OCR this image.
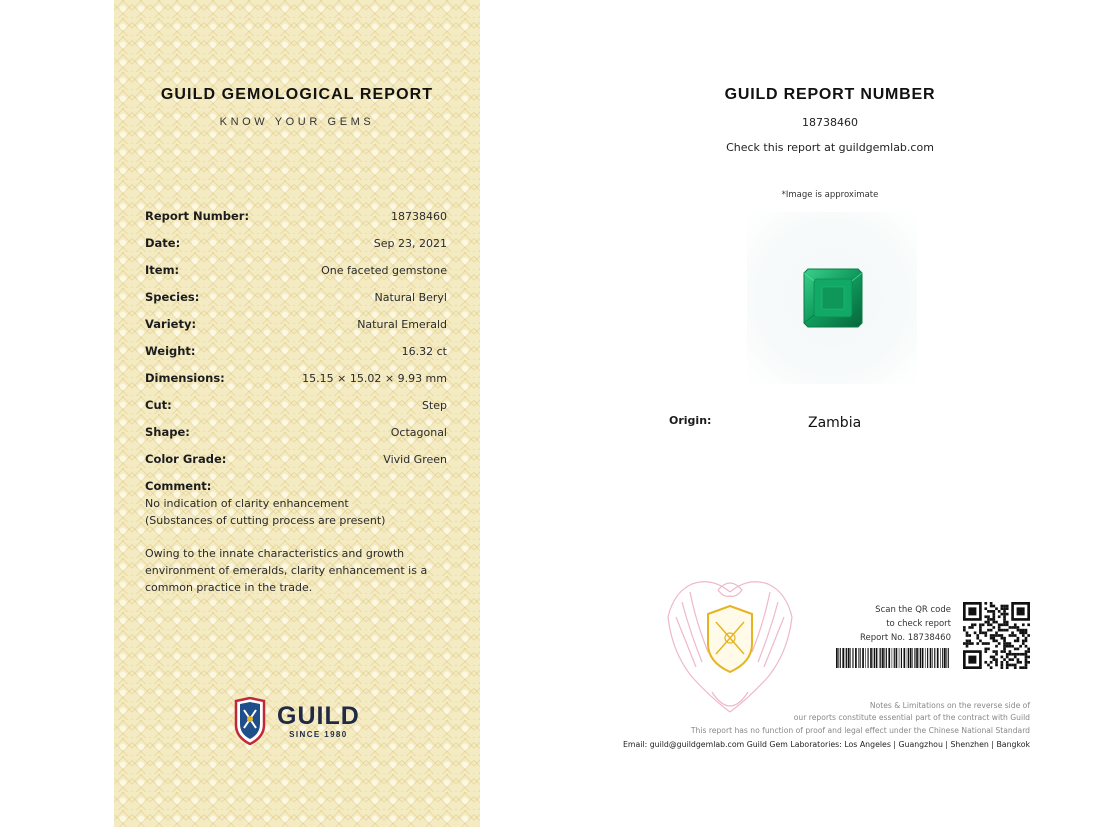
GUILD GEMOLOGICAL REPORT
KNOW YOUR GEMS
Report Number:	18738460
Date:	Sep 23, 2021
Item:	One faceted gemstone
Species:	Natural Beryl
Variety:	Natural Emerald
Weight:	16.32 ct
Dimensions:	15.15 × 15.02 × 9.93 mm
Cut:	Step
Shape:	Octagonal
Color Grade:	Vivid Green
Comment:
No indication of clarity enhancement
(Substances of cutting process are present)
Owing to the innate characteristics and growth
environment of emeralds, clarity enhancement is a
common practice in the trade.
GUILD
SINCE 1980
GUILD REPORT NUMBER
18738460
Check this report at guildgemlab.com
*Image is approximate
Origin:	Zambia
Scan the QR code
to check report
Report No. 18738460
Notes & Limitations on the reverse side of
our reports constitute essential part of the contract with Guild
This report has no function of proof and legal effect under the Chinese National Standard
Email: guild@guildgemlab.com Guild Gem Laboratories: Los Angeles | Guangzhou | Shenzhen | Bangkok
